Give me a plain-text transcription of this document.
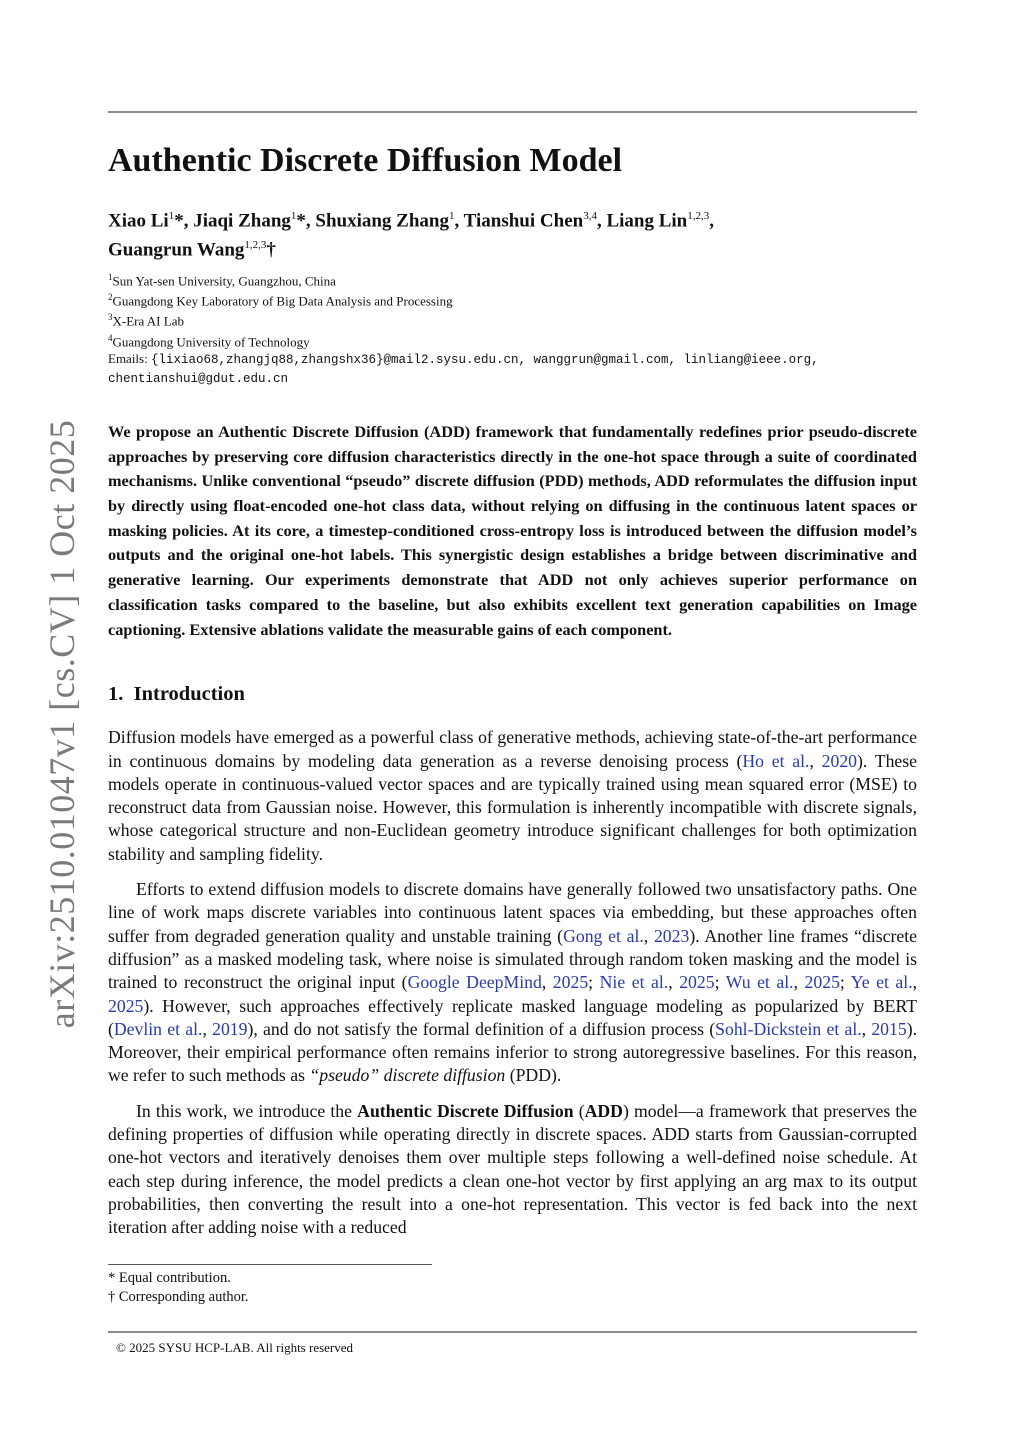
arXiv:2510.01047v1 [cs.CV] 1 Oct 2025
Authentic Discrete Diffusion Model
Xiao Li$^1$*, Jiaqi Zhang$^1$*, Shuxiang Zhang$^1$, Tianshui Chen$^{3,4}$, Liang Lin$^{1,2,3}$,
Guangrun Wang$^{1,2,3}$†
$^1$Sun Yat-sen University, Guangzhou, China
$^2$Guangdong Key Laboratory of Big Data Analysis and Processing
$^3$X-Era AI Lab
$^4$Guangdong University of Technology
Emails: {lixiao68,zhangjq88,zhangshx36}@mail2.sysu.edu.cn, wanggrun@gmail.com, linliang@ieee.org,
chentianshui@gdut.edu.cn
We propose an Authentic Discrete Diffusion (ADD) framework that fundamentally redefines prior pseudo-discrete approaches by preserving core diffusion characteristics directly in the one-hot space through a suite of coordinated mechanisms. Unlike conventional “pseudo” discrete diffusion (PDD) methods, ADD reformulates the diffusion input by directly using float-encoded one-hot class data, without relying on diffusing in the continuous latent spaces or masking policies. At its core, a timestep-conditioned cross-entropy loss is introduced between the diffusion model’s outputs and the original one-hot labels. This synergistic design establishes a bridge between discriminative and generative learning. Our experiments demonstrate that ADD not only achieves superior performance on classification tasks compared to the baseline, but also exhibits excellent text generation capabilities on Image captioning. Extensive ablations validate the measurable gains of each component.
1. Introduction

Diffusion models have emerged as a powerful class of generative methods, achieving state-of-the-art performance in continuous domains by modeling data generation as a reverse denoising process (Ho et al., 2020). These models operate in continuous-valued vector spaces and are typically trained using mean squared error (MSE) to reconstruct data from Gaussian noise. However, this formulation is inherently incompatible with discrete signals, whose categorical structure and non-Euclidean geometry introduce significant challenges for both optimization stability and sampling fidelity.

Efforts to extend diffusion models to discrete domains have generally followed two unsatisfactory paths. One line of work maps discrete variables into continuous latent spaces via embedding, but these approaches often suffer from degraded generation quality and unstable training (Gong et al., 2023). Another line frames “discrete diffusion” as a masked modeling task, where noise is simulated through random token masking and the model is trained to reconstruct the original input (Google DeepMind, 2025; Nie et al., 2025; Wu et al., 2025; Ye et al., 2025). However, such approaches effectively replicate masked language modeling as popularized by BERT (Devlin et al., 2019), and do not satisfy the formal definition of a diffusion process (Sohl-Dickstein et al., 2015). Moreover, their empirical performance often remains inferior to strong autoregressive baselines. For this reason, we refer to such methods as “pseudo” discrete diffusion (PDD).

In this work, we introduce the Authentic Discrete Diffusion (ADD) model—a framework that preserves the defining properties of diffusion while operating directly in discrete spaces. ADD starts from Gaussian-corrupted one-hot vectors and iteratively denoises them over multiple steps following a well-defined noise schedule. At each step during inference, the model predicts a clean one-hot vector by first applying an arg max to its output probabilities, then converting the result into a one-hot representation. This vector is fed back into the next iteration after adding noise with a reduced

* Equal contribution.
† Corresponding author.
© 2025 SYSU HCP-LAB. All rights reserved
